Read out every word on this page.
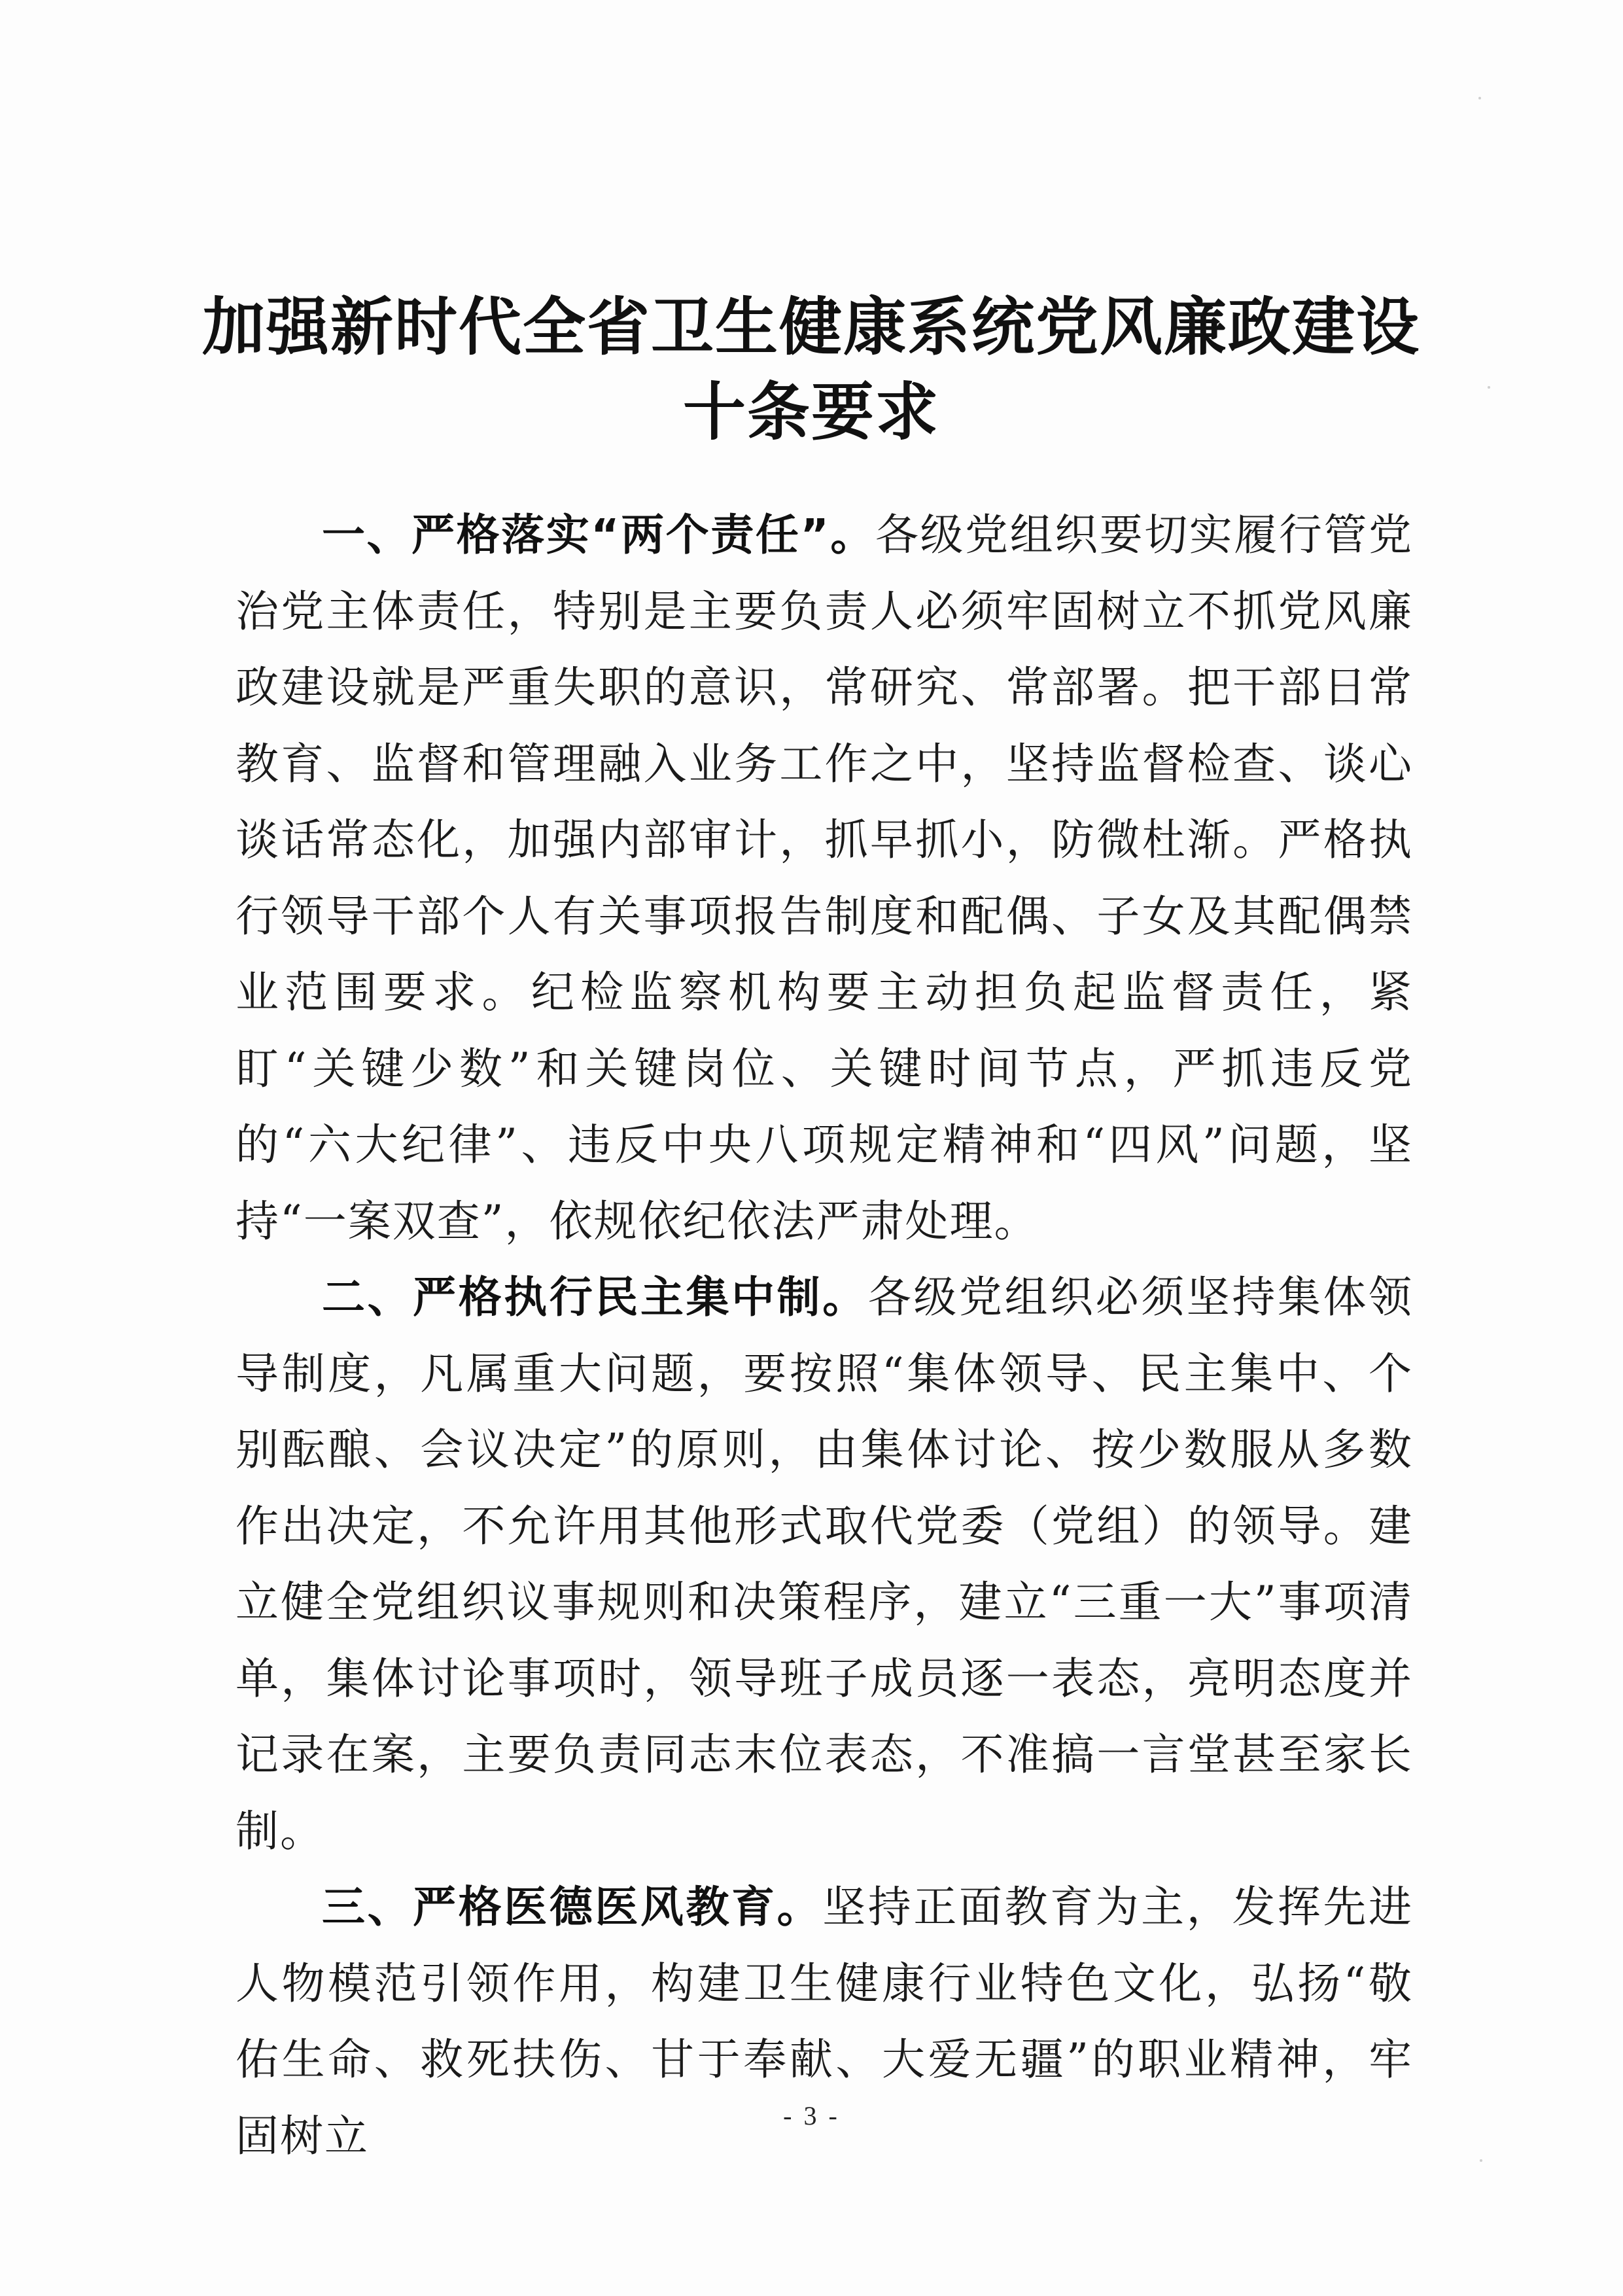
加强新时代全省卫生健康系统党风廉政建设
十条要求

一、严格落实“两个责任”。各级党组织要切实履行管党治党主体责任，特别是主要负责人必须牢固树立不抓党风廉政建设就是严重失职的意识，常研究、常部署。把干部日常教育、监督和管理融入业务工作之中，坚持监督检查、谈心谈话常态化，加强内部审计，抓早抓小，防微杜渐。严格执行领导干部个人有关事项报告制度和配偶、子女及其配偶禁业范围要求。纪检监察机构要主动担负起监督责任，紧盯“关键少数”和关键岗位、关键时间节点，严抓违反党的“六大纪律”、违反中央八项规定精神和“四风”问题，坚持“一案双查”，依规依纪依法严肃处理。

二、严格执行民主集中制。各级党组织必须坚持集体领导制度，凡属重大问题，要按照“集体领导、民主集中、个别酝酿、会议决定”的原则，由集体讨论、按少数服从多数作出决定，不允许用其他形式取代党委（党组）的领导。建立健全党组织议事规则和决策程序，建立“三重一大”事项清单，集体讨论事项时，领导班子成员逐一表态，亮明态度并记录在案，主要负责同志末位表态，不准搞一言堂甚至家长制。

三、严格医德医风教育。坚持正面教育为主，发挥先进人物模范引领作用，构建卫生健康行业特色文化，弘扬“敬佑生命、救死扶伤、甘于奉献、大爱无疆”的职业精神，牢固树立	- 3 -
